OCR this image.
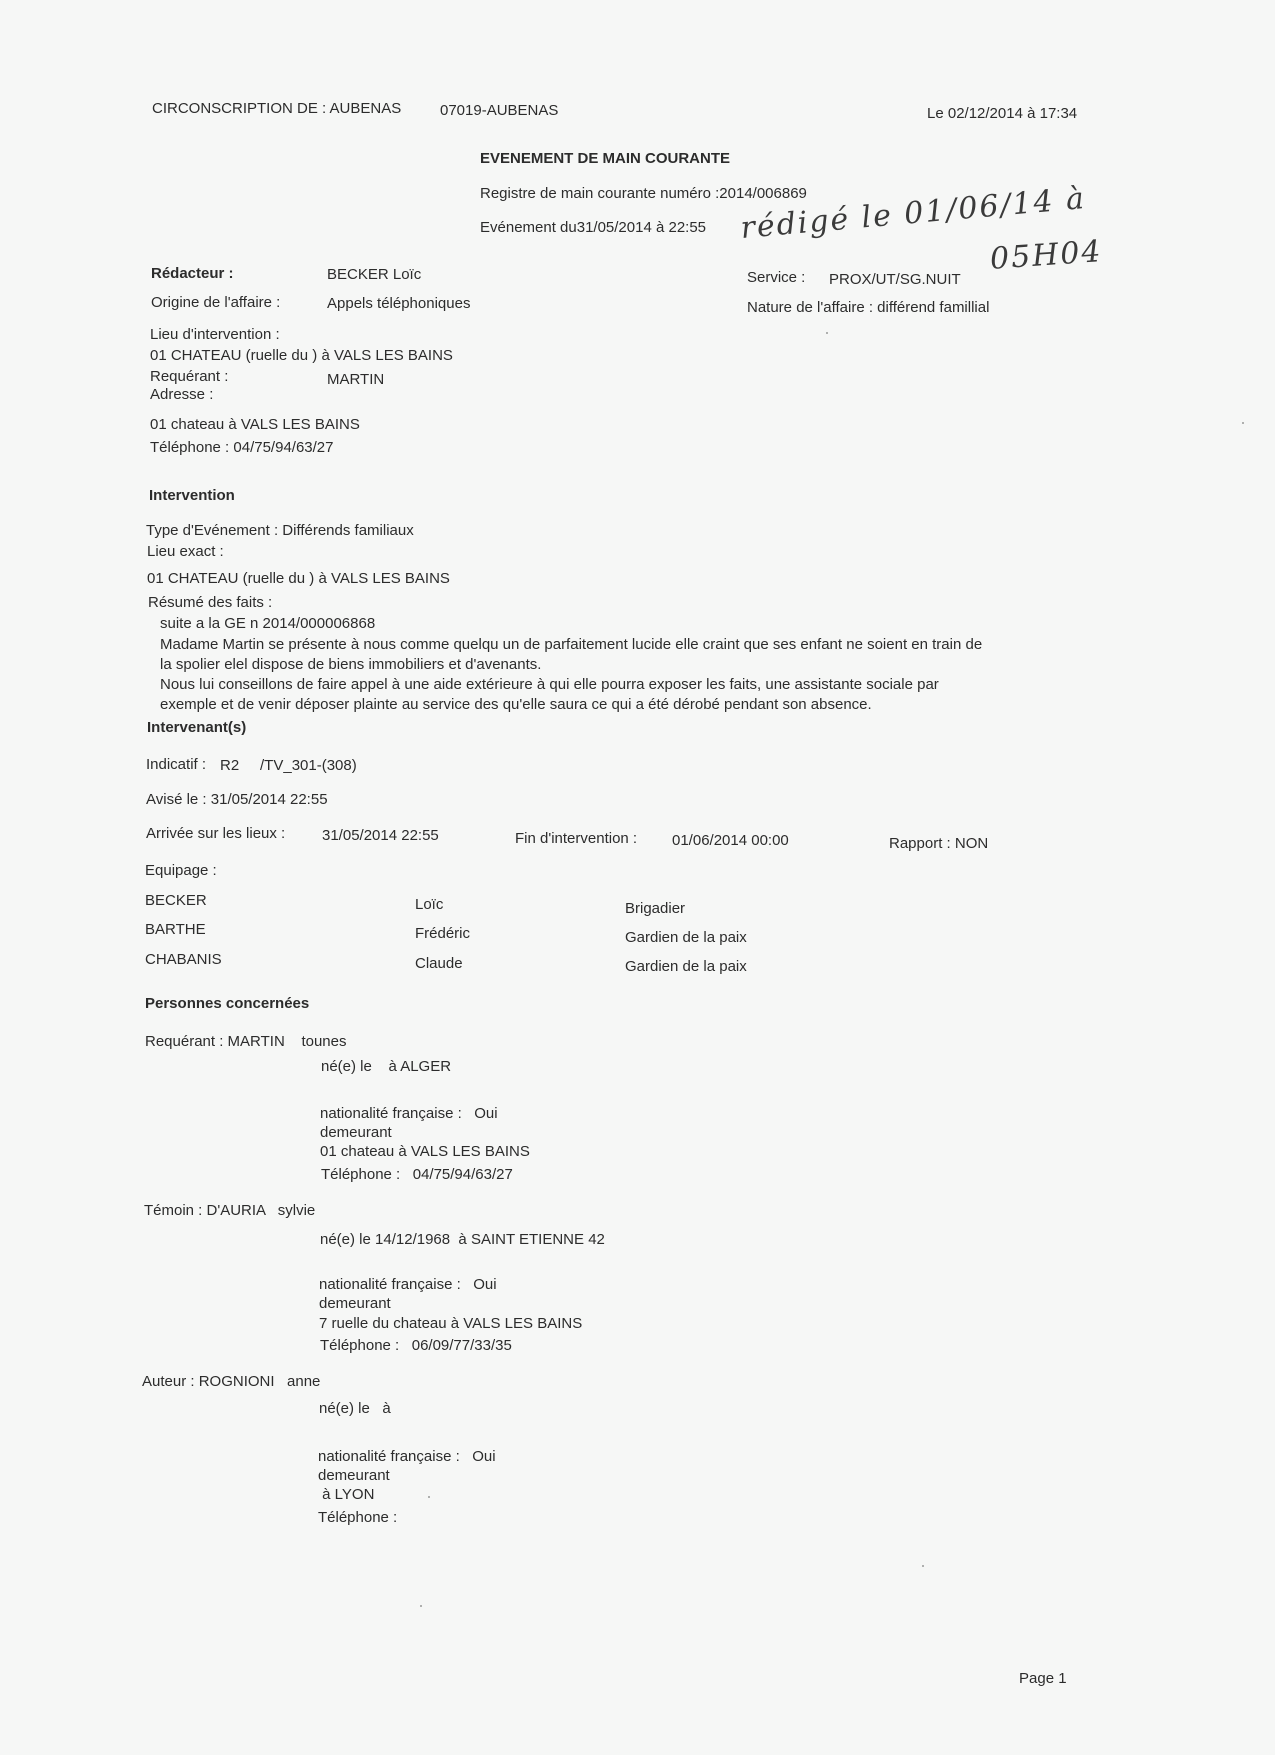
CIRCONSCRIPTION DE : AUBENAS	07019-AUBENAS	Le 02/12/2014 à 17:34
EVENEMENT DE MAIN COURANTE
Registre de main courante numéro :2014/006869
Evénement du31/05/2014 à 22:55 rédigé le 01/06/14 à
05H04
Rédacteur :	BECKER Loïc	Service : PROX/UT/SG.NUIT
Origine de l'affaire :	Appels téléphoniques	Nature de l'affaire : différend famillial
Lieu d'intervention :
01 CHATEAU (ruelle du ) à VALS LES BAINS
Requérant :	MARTIN
Adresse :
01 chateau à VALS LES BAINS
Téléphone : 04/75/94/63/27
Intervention
Type d'Evénement : Différends familiaux
Lieu exact :
01 CHATEAU (ruelle du ) à VALS LES BAINS
Résumé des faits :
suite a la GE n 2014/000006868
Madame Martin se présente à nous comme quelqu un de parfaitement lucide elle craint que ses enfant ne soient en train de
la spolier elel dispose de biens immobiliers et d'avenants.
Nous lui conseillons de faire appel à une aide extérieure à qui elle pourra exposer les faits, une assistante sociale par
exemple et de venir déposer plainte au service des qu'elle saura ce qui a été dérobé pendant son absence.
Intervenant(s)
Indicatif : R2     /TV_301-(308)
Avisé le : 31/05/2014 22:55
Arrivée sur les lieux : 31/05/2014 22:55	Fin d'intervention : 01/06/2014 00:00	Rapport : NON
Equipage :
BECKER	Loïc	Brigadier
BARTHE	Frédéric	Gardien de la paix
CHABANIS	Claude	Gardien de la paix
Personnes concernées
Requérant : MARTIN    tounes
né(e) le    à ALGER
nationalité française :   Oui
demeurant
01 chateau à VALS LES BAINS
Téléphone :   04/75/94/63/27
Témoin : D'AURIA   sylvie
né(e) le 14/12/1968  à SAINT ETIENNE 42
nationalité française :   Oui
demeurant
7 ruelle du chateau à VALS LES BAINS
Téléphone :   06/09/77/33/35
Auteur : ROGNIONI   anne
né(e) le   à
nationalité française :   Oui
demeurant
à LYON
Téléphone :
Page 1
